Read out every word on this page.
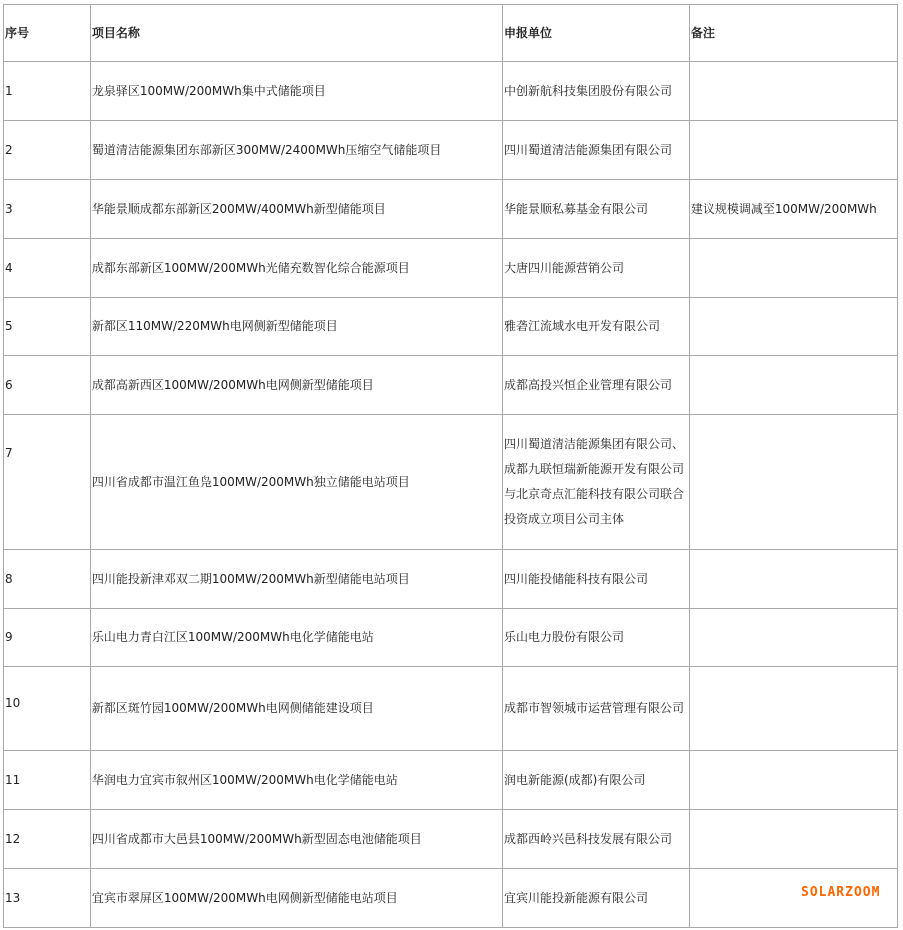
序号	项目名称	申报单位	备注
1	龙泉驿区100MW/200MWh集中式储能项目	中创新航科技集团股份有限公司	
2	蜀道清洁能源集团东部新区300MW/2400MWh压缩空气储能项目	四川蜀道清洁能源集团有限公司	
3	华能景顺成都东部新区200MW/400MWh新型储能项目	华能景顺私募基金有限公司	建议规模调减至100MW/200MWh
4	成都东部新区100MW/200MWh光储充数智化综合能源项目	大唐四川能源营销公司	
5	新都区110MW/220MWh电网侧新型储能项目	雅砻江流域水电开发有限公司	
6	成都高新西区100MW/200MWh电网侧新型储能项目	成都高投兴恒企业管理有限公司	
7	四川省成都市温江鱼凫100MW/200MWh独立储能电站项目	四川蜀道清洁能源集团有限公司、成都九联恒瑞新能源开发有限公司与北京奇点汇能科技有限公司联合投资成立项目公司主体	
8	四川能投新津邓双二期100MW/200MWh新型储能电站项目	四川能投储能科技有限公司	
9	乐山电力青白江区100MW/200MWh电化学储能电站	乐山电力股份有限公司	
10	新都区斑竹园100MW/200MWh电网侧储能建设项目	成都市智领城市运营管理有限公司	
11	华润电力宜宾市叙州区100MW/200MWh电化学储能电站	润电新能源(成都)有限公司	
12	四川省成都市大邑县100MW/200MWh新型固态电池储能项目	成都西岭兴邑科技发展有限公司	
13	宜宾市翠屏区100MW/200MWh电网侧新型储能电站项目	宜宾川能投新能源有限公司		SOLARZOOM
